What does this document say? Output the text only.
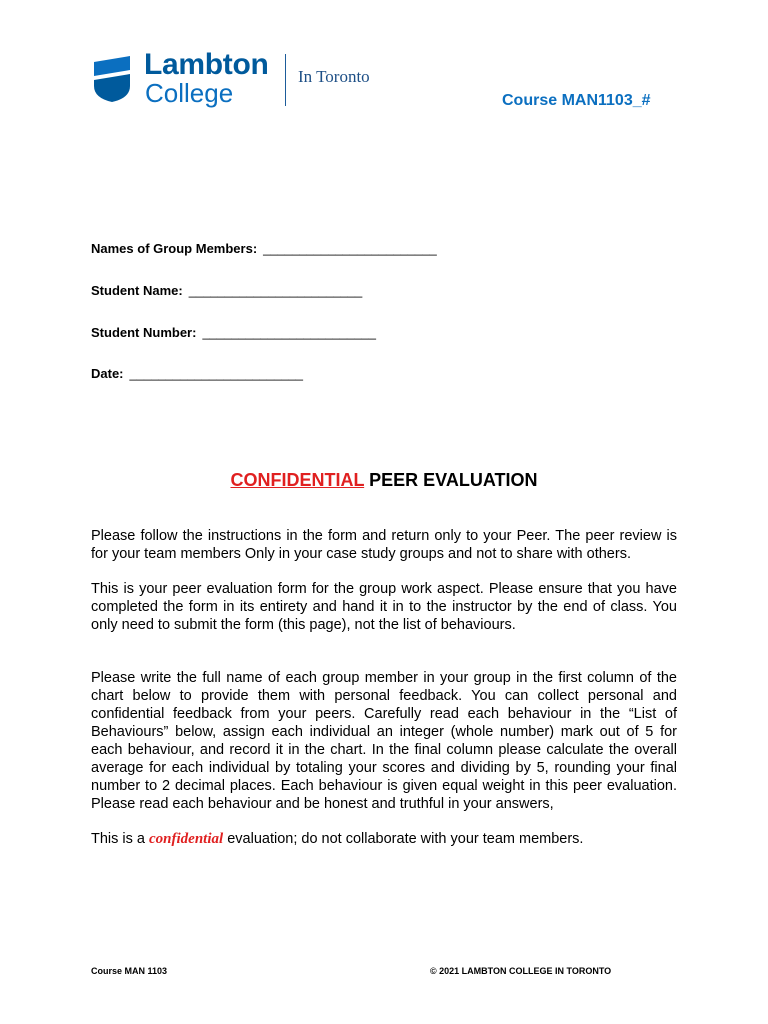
Lambton
College
In Toronto
Course MAN1103_#
Names of Group Members: ________________________
Student Name: ________________________
Student Number: ________________________
Date: ________________________
CONFIDENTIAL PEER EVALUATION
Please follow the instructions in the form and return only to your Peer. The peer review is for your team members Only in your case study groups and not to share with others.
This is your peer evaluation form for the group work aspect. Please ensure that you have completed the form in its entirety and hand it in to the instructor by the end of class. You only need to submit the form (this page), not the list of behaviours.
Please write the full name of each group member in your group in the first column of the chart below to provide them with personal feedback. You can collect personal and confidential feedback from your peers. Carefully read each behaviour in the “List of Behaviours” below, assign each individual an integer (whole number) mark out of 5 for each behaviour, and record it in the chart. In the final column please calculate the overall average for each individual by totaling your scores and dividing by 5, rounding your final number to 2 decimal places. Each behaviour is given equal weight in this peer evaluation. Please read each behaviour and be honest and truthful in your answers,
This is a confidential evaluation; do not collaborate with your team members.
Course MAN 1103	© 2021 LAMBTON COLLEGE IN TORONTO
